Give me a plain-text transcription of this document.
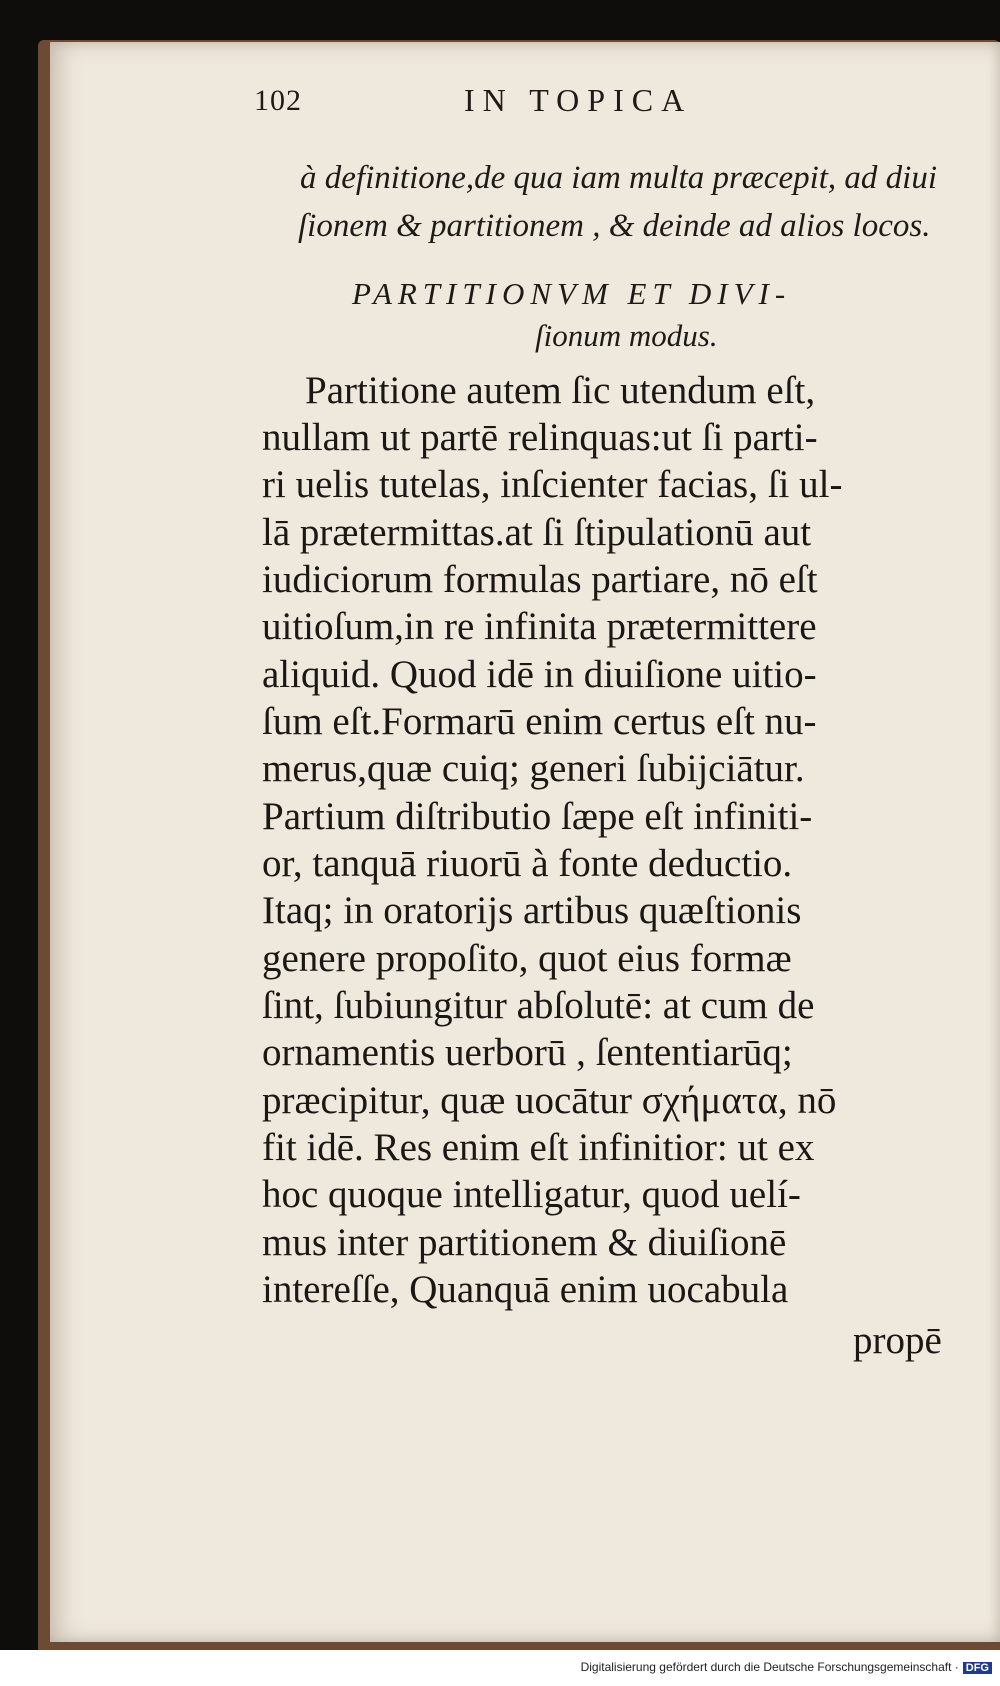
102	IN TOPICA
à definitione,de qua iam multa præcepit, ad diui
ſionem & partitionem , & deinde ad alios locos.
PARTITIONVM ET DIVI-
ſionum modus.
Partitione autem ſic utendum eſt,
nullam ut partē relinquas:ut ſi parti-
ri uelis tutelas, inſcienter facias, ſi ul-
lā prætermittas.at ſi ſtipulationū aut
iudiciorum formulas partiare, nō eſt
uitioſum,in re infinita prætermittere
aliquid. Quod idē in diuiſione uitio-
ſum eſt.Formarū enim certus eſt nu-
merus,quæ cuiq; generi ſubijciātur.
Partium diſtributio ſæpe eſt infiniti-
or, tanquā riuorū à fonte deductio.
Itaq; in oratorijs artibus quæſtionis
genere propoſito, quot eius formæ
ſint, ſubiungitur abſolutē: at cum de
ornamentis uerborū , ſententiarūq;
præcipitur, quæ uocātur σχήματα, nō
fit idē. Res enim eſt infinitior: ut ex
hoc quoque intelligatur, quod uelí-
mus inter partitionem & diuiſionē
intereſſe, Quanquā enim uocabula
propē
Digitalisierung gefördert durch die Deutsche Forschungsgemeinschaft · DFG
